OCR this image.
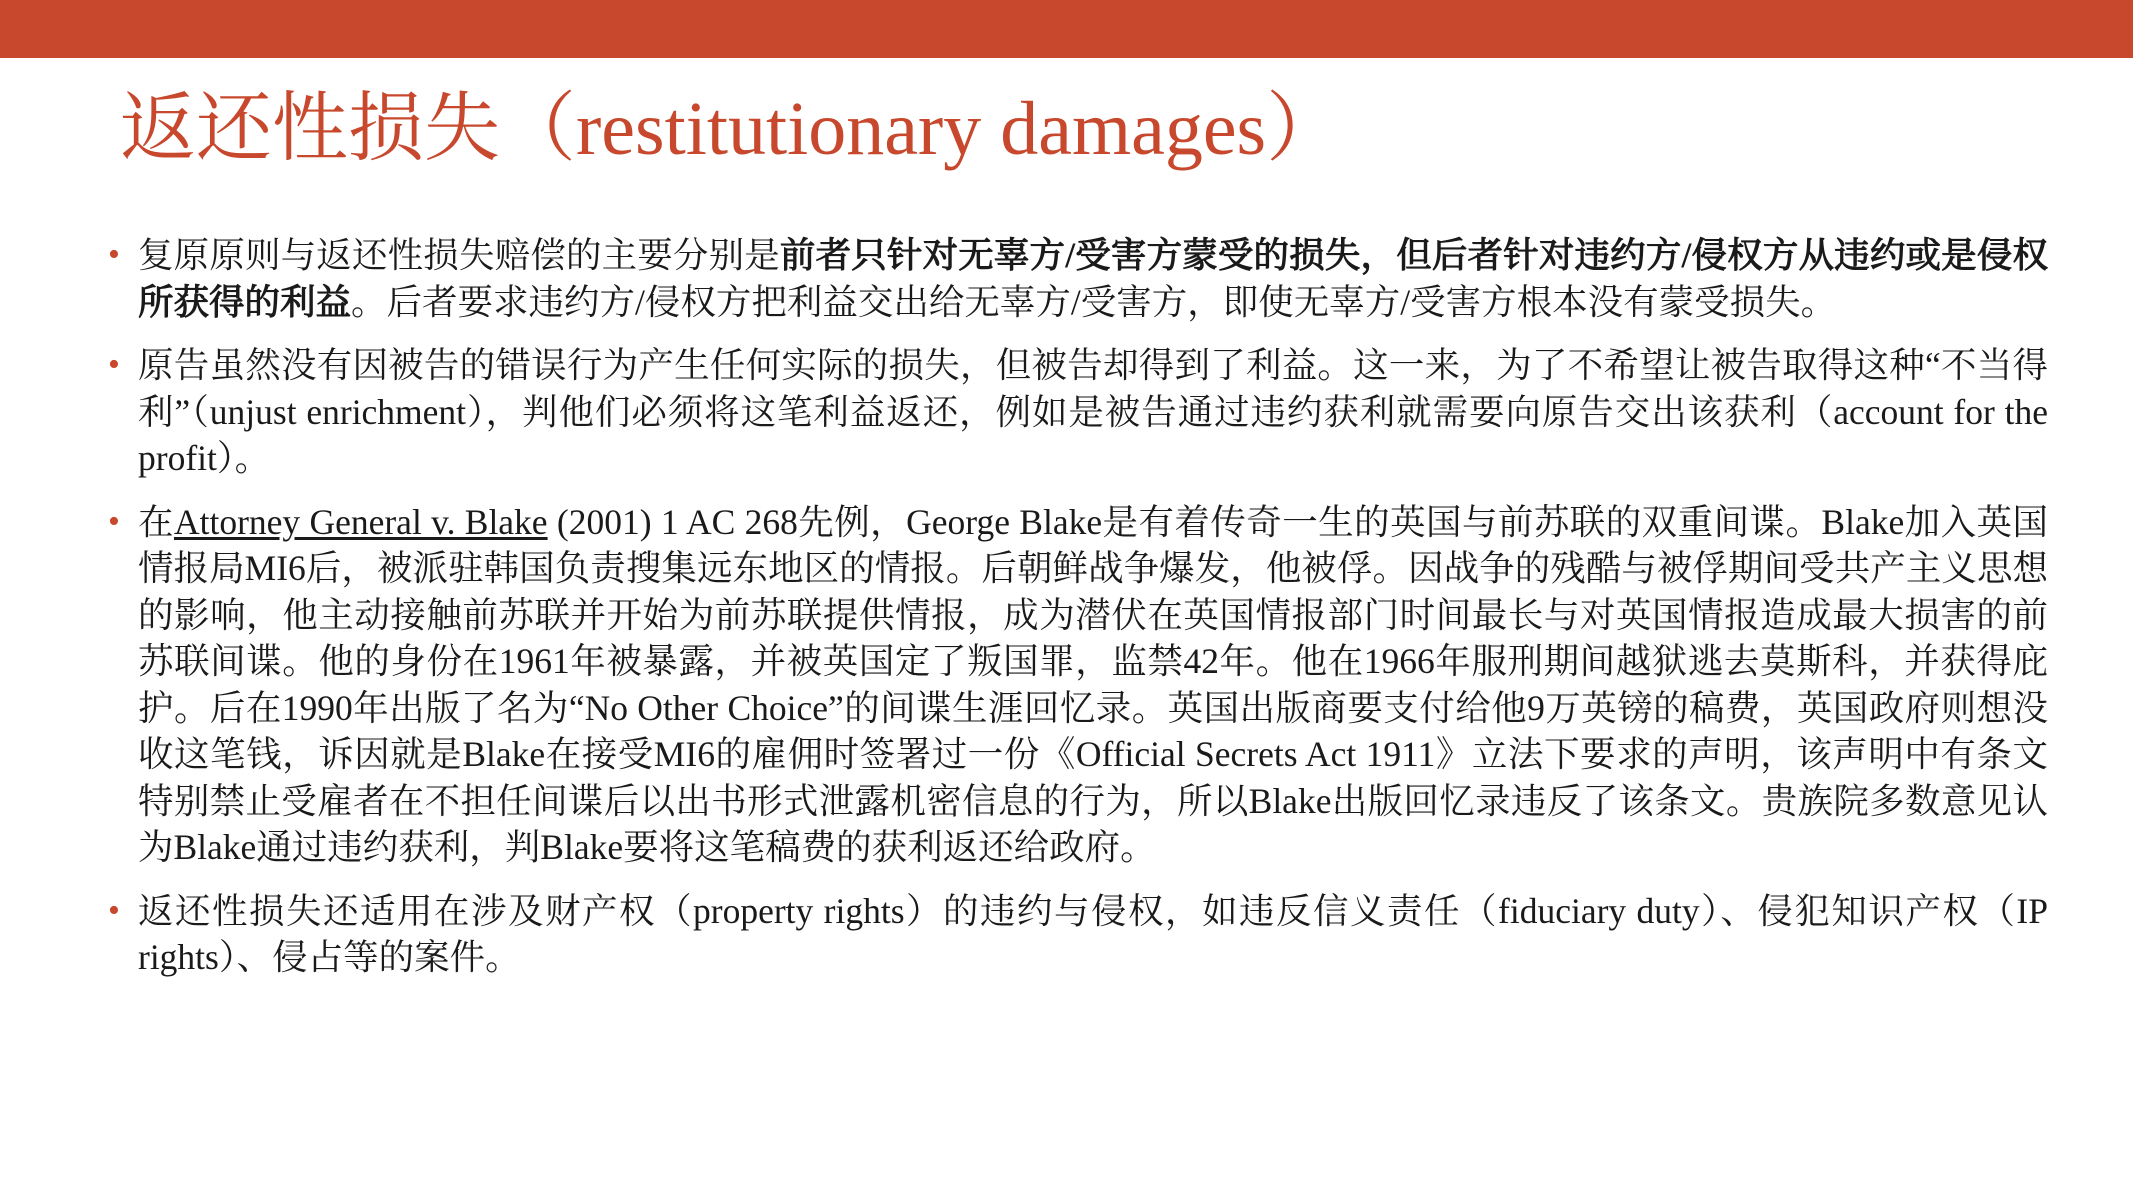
返还性损失（restitutionary damages）
• 复原原则与返还性损失赔偿的主要分别是前者只针对无辜方/受害方蒙受的损失，但后者针对违约方/侵权方从违约或是侵权所获得的利益。后者要求违约方/侵权方把利益交出给无辜方/受害方，即使无辜方/受害方根本没有蒙受损失。
• 原告虽然没有因被告的错误行为产生任何实际的损失，但被告却得到了利益。这一来，为了不希望让被告取得这种“不当得利”（unjust enrichment），判他们必须将这笔利益返还，例如是被告通过违约获利就需要向原告交出该获利（account for the profit）。
• 在Attorney General v. Blake (2001) 1 AC 268先例，George Blake是有着传奇一生的英国与前苏联的双重间谍。Blake加入英国情报局MI6后，被派驻韩国负责搜集远东地区的情报。后朝鲜战争爆发，他被俘。因战争的残酷与被俘期间受共产主义思想的影响，他主动接触前苏联并开始为前苏联提供情报，成为潜伏在英国情报部门时间最长与对英国情报造成最大损害的前苏联间谍。他的身份在1961年被暴露，并被英国定了叛国罪，监禁42年。他在1966年服刑期间越狱逃去莫斯科，并获得庇护。后在1990年出版了名为“No Other Choice”的间谍生涯回忆录。英国出版商要支付给他9万英镑的稿费，英国政府则想没收这笔钱，诉因就是Blake在接受MI6的雇佣时签署过一份《Official Secrets Act 1911》立法下要求的声明，该声明中有条文特别禁止受雇者在不担任间谍后以出书形式泄露机密信息的行为，所以Blake出版回忆录违反了该条文。贵族院多数意见认为Blake通过违约获利，判Blake要将这笔稿费的获利返还给政府。
• 返还性损失还适用在涉及财产权（property rights）的违约与侵权，如违反信义责任（fiduciary duty）、侵犯知识产权（IP rights）、侵占等的案件。
